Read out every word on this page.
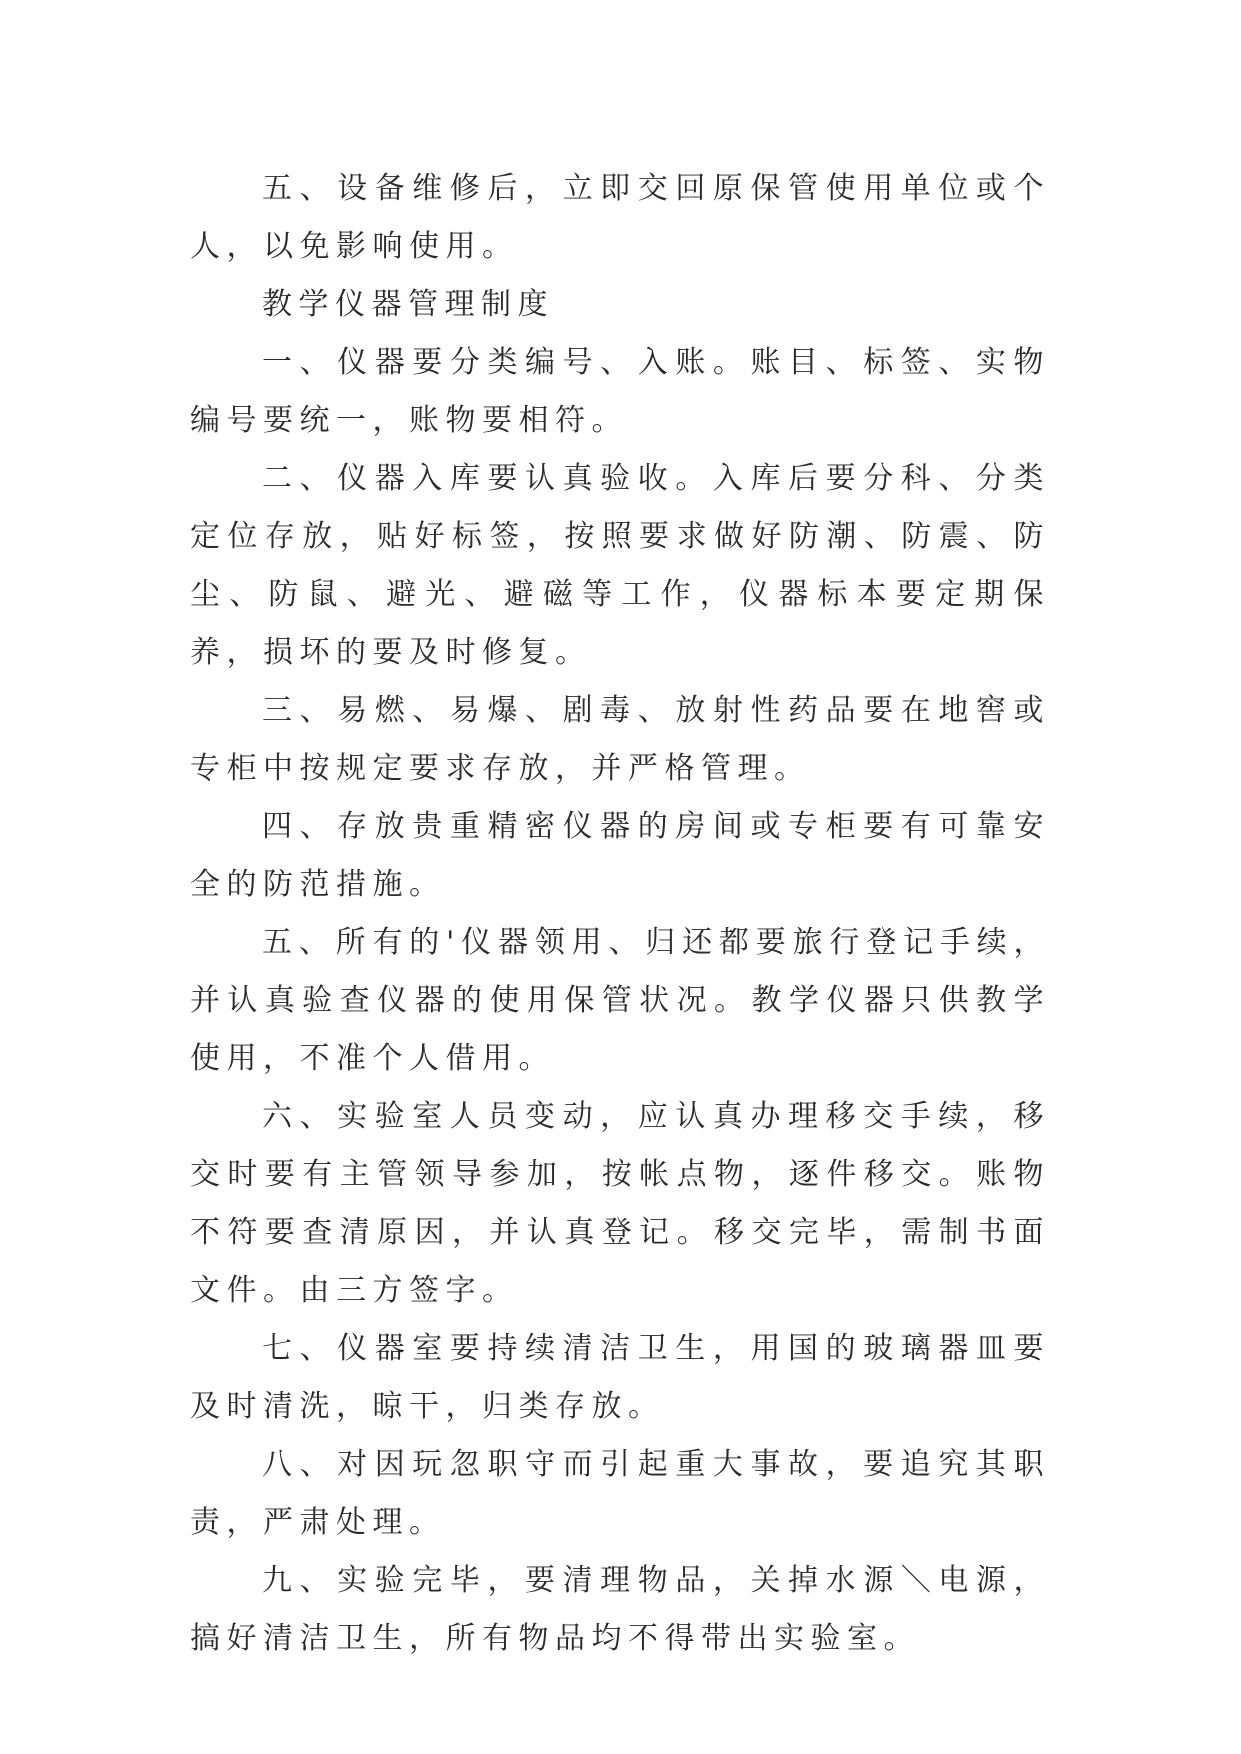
五、设备维修后，立即交回原保管使用单位或个人，以免影响使用。

教学仪器管理制度

一、仪器要分类编号、入账。账目、标签、实物编号要统一，账物要相符。

二、仪器入库要认真验收。入库后要分科、分类定位存放，贴好标签，按照要求做好防潮、防震、防尘、防鼠、避光、避磁等工作，仪器标本要定期保养，损坏的要及时修复。

三、易燃、易爆、剧毒、放射性药品要在地窖或专柜中按规定要求存放，并严格管理。

四、存放贵重精密仪器的房间或专柜要有可靠安全的防范措施。

五、所有的'仪器领用、归还都要旅行登记手续，并认真验查仪器的使用保管状况。教学仪器只供教学使用，不准个人借用。

六、实验室人员变动，应认真办理移交手续，移交时要有主管领导参加，按帐点物，逐件移交。账物不符要查清原因，并认真登记。移交完毕，需制书面文件。由三方签字。

七、仪器室要持续清洁卫生，用国的玻璃器皿要及时清洗，晾干，归类存放。

八、对因玩忽职守而引起重大事故，要追究其职责，严肃处理。

九、实验完毕，要清理物品，关掉水源＼电源，搞好清洁卫生，所有物品均不得带出实验室。
